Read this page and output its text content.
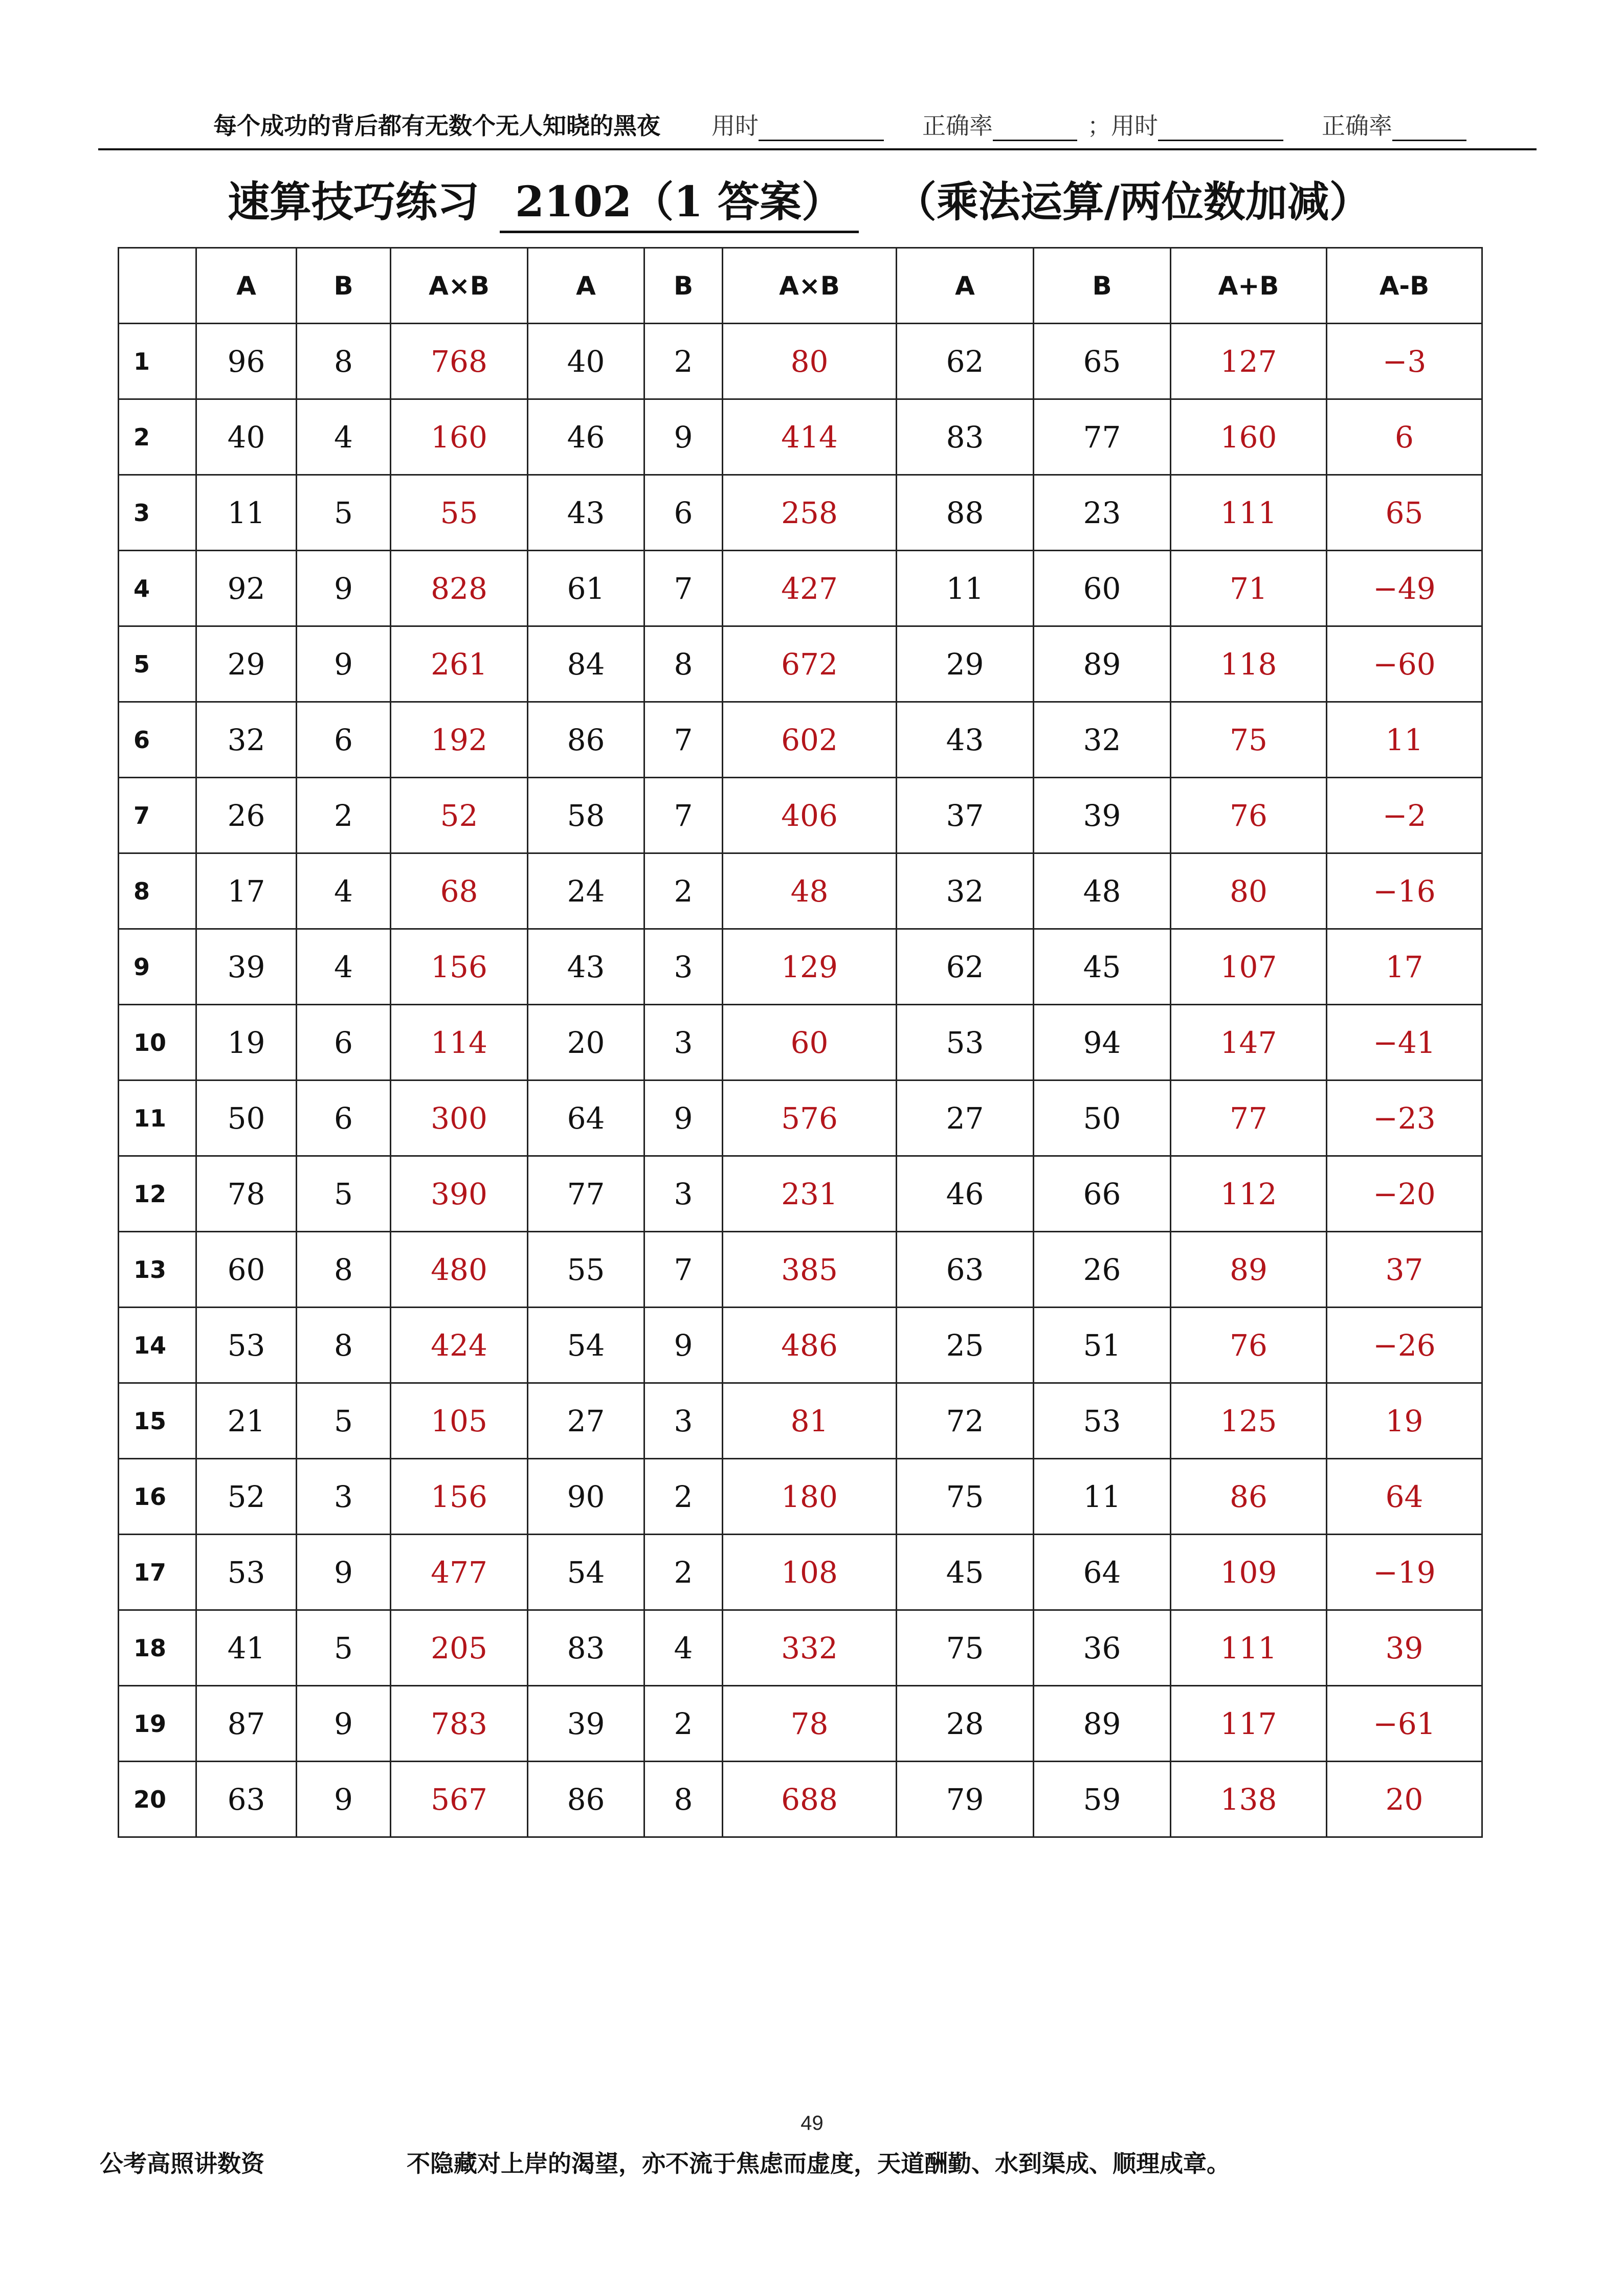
每个成功的背后都有无数个无人知晓的黑夜 用时	正确率	； 用时	正确率
速算技巧练习 2102（1 答案）	（乘法运算/两位数加减）
	A	B	A×B	A	B	A×B	A	B	A+B	A-B
1	96	8	768	40	2	80	62	65	127	−3
2	40	4	160	46	9	414	83	77	160	6
3	11	5	55	43	6	258	88	23	111	65
4	92	9	828	61	7	427	11	60	71	−49
5	29	9	261	84	8	672	29	89	118	−60
6	32	6	192	86	7	602	43	32	75	11
7	26	2	52	58	7	406	37	39	76	−2
8	17	4	68	24	2	48	32	48	80	−16
9	39	4	156	43	3	129	62	45	107	17
10	19	6	114	20	3	60	53	94	147	−41
11	50	6	300	64	9	576	27	50	77	−23
12	78	5	390	77	3	231	46	66	112	−20
13	60	8	480	55	7	385	63	26	89	37
14	53	8	424	54	9	486	25	51	76	−26
15	21	5	105	27	3	81	72	53	125	19
16	52	3	156	90	2	180	75	11	86	64
17	53	9	477	54	2	108	45	64	109	−19
18	41	5	205	83	4	332	75	36	111	39
19	87	9	783	39	2	78	28	89	117	−61
20	63	9	567	86	8	688	79	59	138	20
49
公考高照讲数资	不隐藏对上岸的渴望，亦不流于焦虑而虚度，天道酬勤、水到渠成、顺理成章。
